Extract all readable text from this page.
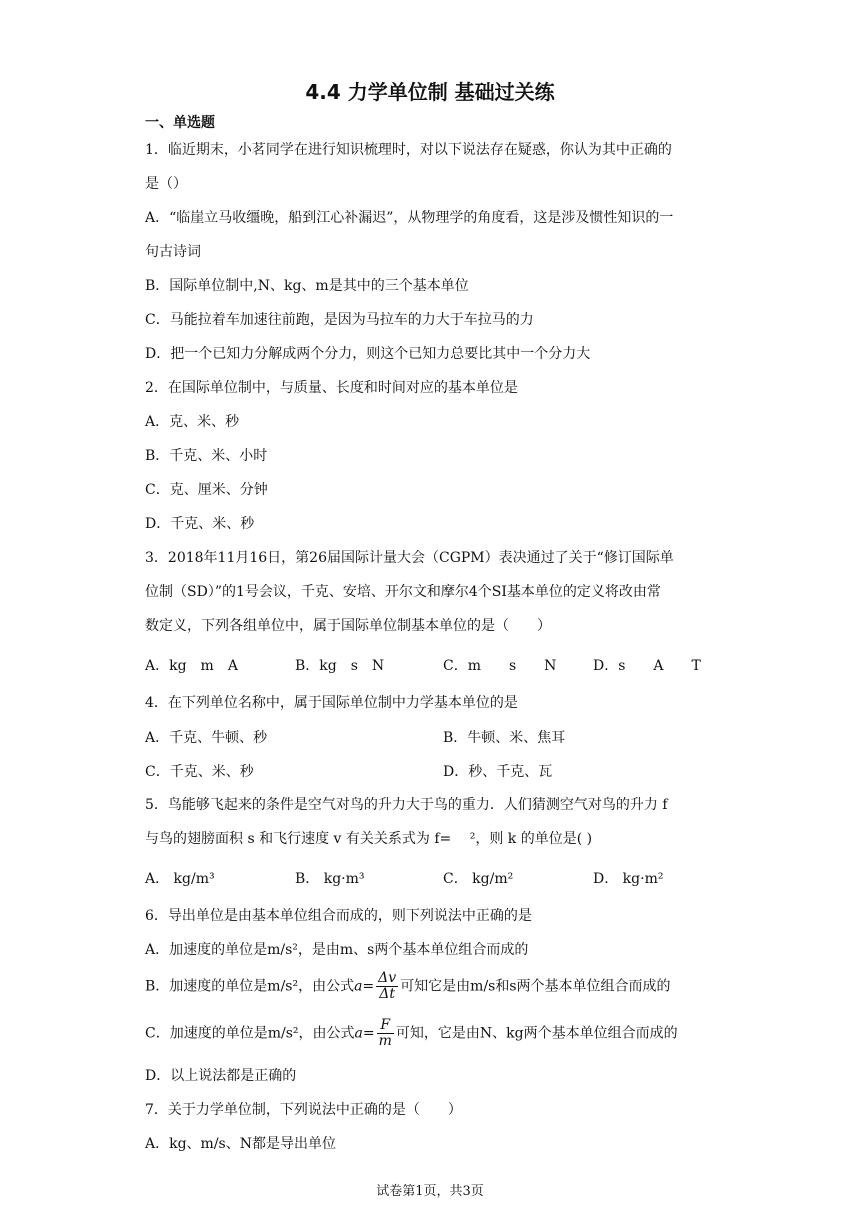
4.4 力学单位制 基础过关练
一、单选题
1．临近期末，小茗同学在进行知识梳理时，对以下说法存在疑惑，你认为其中正确的
是（）
A．“临崖立马收缰晚，船到江心补漏迟”，从物理学的角度看，这是涉及惯性知识的一
句古诗词
B．国际单位制中,N、kg、m是其中的三个基本单位
C．马能拉着车加速往前跑，是因为马拉车的力大于车拉马的力
D．把一个已知力分解成两个分力，则这个已知力总要比其中一个分力大
2．在国际单位制中，与质量、长度和时间对应的基本单位是
A．克、米、秒
B．千克、米、小时
C．克、厘米、分钟
D．千克、米、秒
3．2018年11月16日，第26届国际计量大会（CGPM）表决通过了关于“修订国际单
位制（SD）”的1号会议，千克、安培、开尔文和摩尔4个SI基本单位的定义将改由常
数定义，下列各组单位中，属于国际单位制基本单位的是（　　）
A．kg　m　A	B．kg　s　N	C．m　　s　　N	D．s　　A　　T
4．在下列单位名称中，属于国际单位制中力学基本单位的是
A．千克、牛顿、秒	B．牛顿、米、焦耳
C．千克、米、秒	D．秒、千克、瓦
5．鸟能够飞起来的条件是空气对鸟的升力大于鸟的重力．人们猜测空气对鸟的升力 f
与鸟的翅膀面积 s 和飞行速度 v 有关关系式为 f=　 ²，则 k 的单位是( )
A． kg/m³	B． kg·m³	C． kg/m²	D． kg·m²
6．导出单位是由基本单位组合而成的，则下列说法中正确的是
A．加速度的单位是m/s²，是由m、s两个基本单位组合而成的
B．加速度的单位是m/s²，由公式$a= \frac{\Delta v}{\Delta t}$ 可知它是由m/s和s两个基本单位组合而成的
C．加速度的单位是m/s²，由公式$a= \frac{F}{m}$ 可知，它是由N、kg两个基本单位组合而成的
D．以上说法都是正确的
7．关于力学单位制，下列说法中正确的是（　　）
A．kg、m/s、N都是导出单位
试卷第1页，共3页
